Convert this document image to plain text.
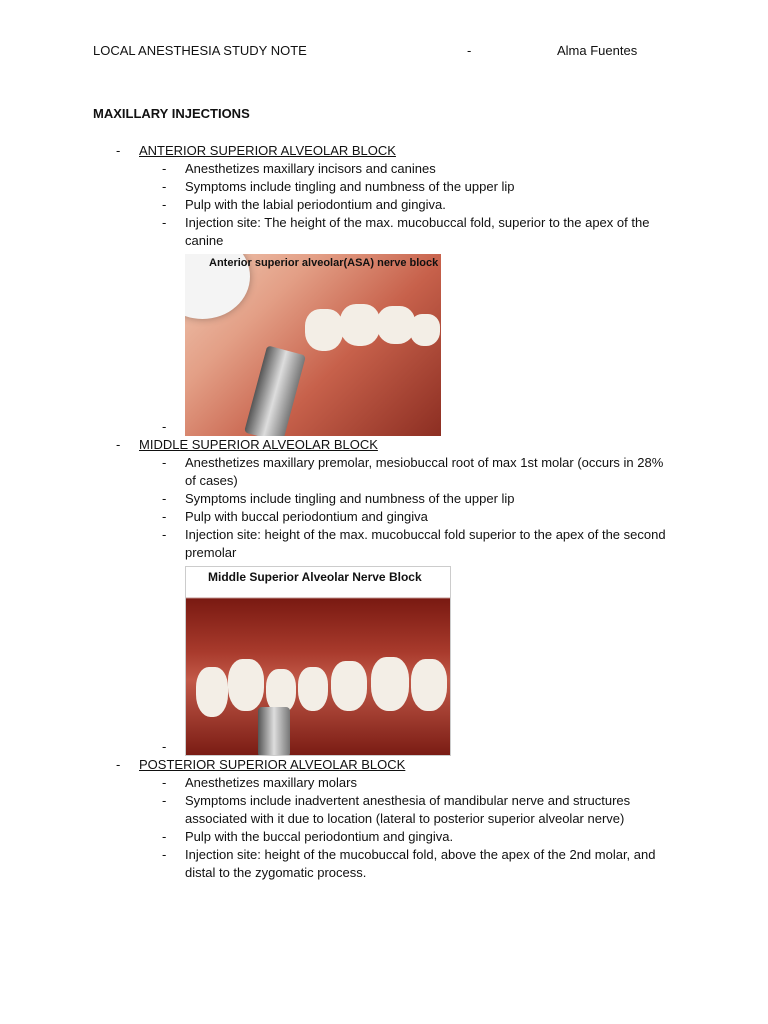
LOCAL ANESTHESIA STUDY NOTE	-	Alma Fuentes
MAXILLARY INJECTIONS
- ANTERIOR SUPERIOR ALVEOLAR BLOCK
- Anesthetizes maxillary incisors and canines
- Symptoms include tingling and numbness of the upper lip
- Pulp with the labial periodontium and gingiva.
- Injection site: The height of the max. mucobuccal fold, superior to the apex of the canine
-
Anterior superior alveolar(ASA) nerve block
- MIDDLE SUPERIOR ALVEOLAR BLOCK
- Anesthetizes maxillary premolar, mesiobuccal root of max 1st molar (occurs in 28% of cases)
- Symptoms include tingling and numbness of the upper lip
- Pulp with buccal periodontium and gingiva
- Injection site: height of the max. mucobuccal fold superior to the apex of the second premolar
-
Middle Superior Alveolar Nerve Block
- POSTERIOR SUPERIOR ALVEOLAR BLOCK
- Anesthetizes maxillary molars
- Symptoms include inadvertent anesthesia of mandibular nerve and structures associated with it due to location (lateral to posterior superior alveolar nerve)
- Pulp with the buccal periodontium and gingiva.
- Injection site: height of the mucobuccal fold, above the apex of the 2nd molar, and distal to the zygomatic process.
